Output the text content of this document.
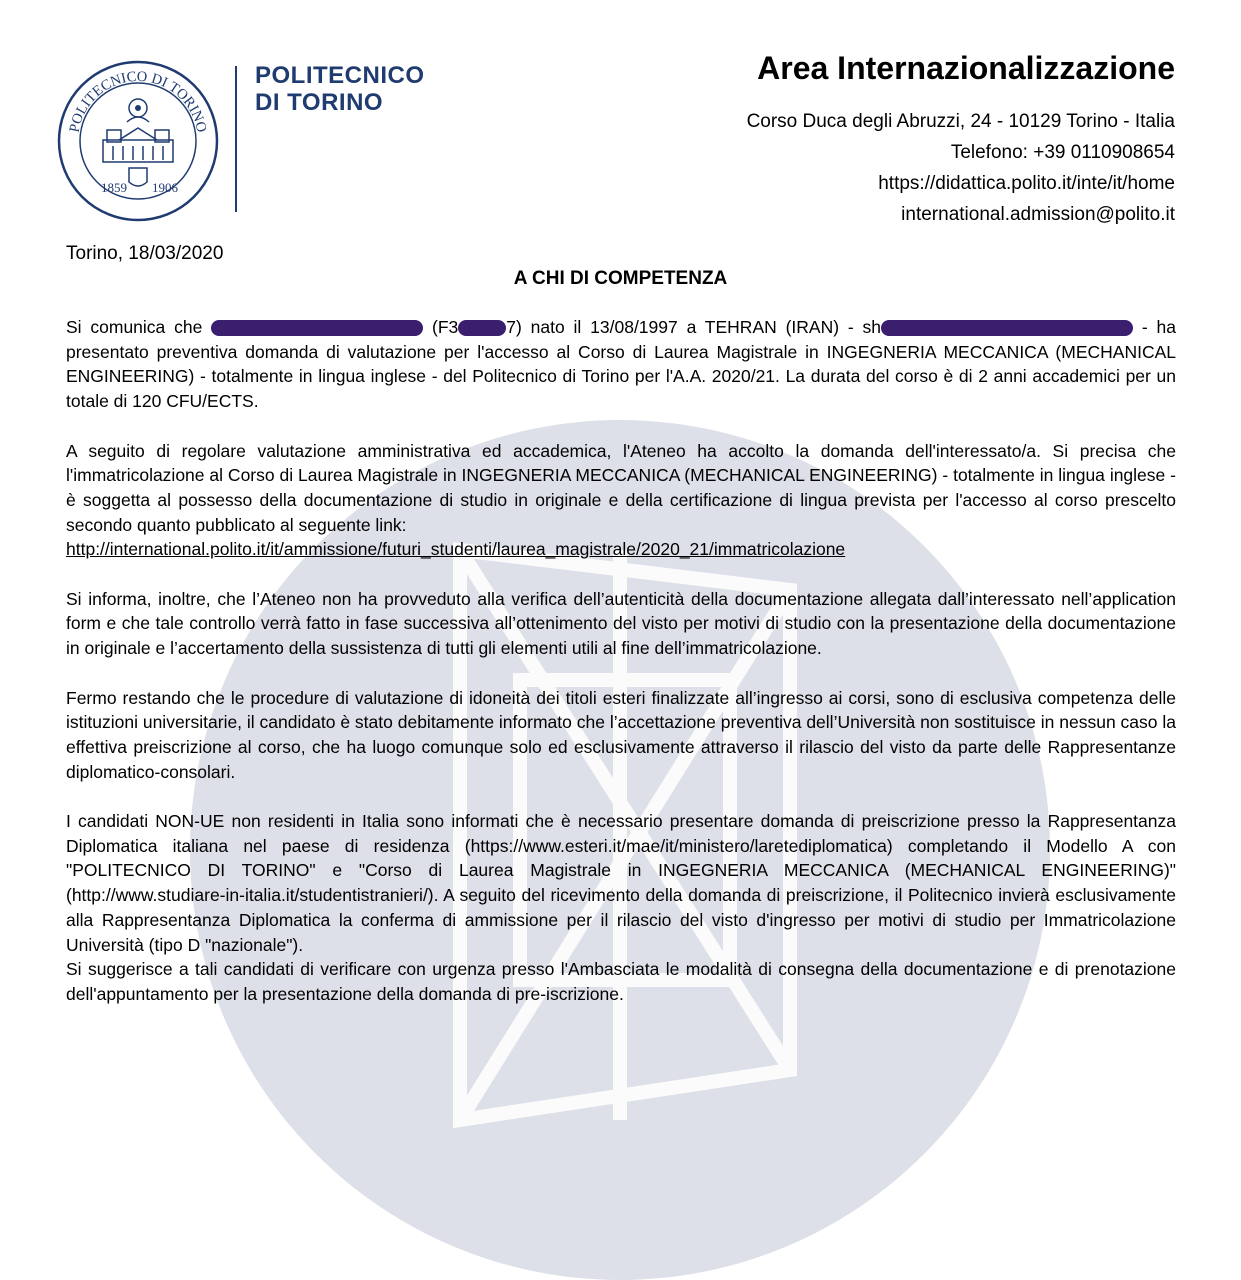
POLITECNICO DI TORINO
1859 1906
POLITECNICO
DI TORINO
Area Internazionalizzazione
Corso Duca degli Abruzzi, 24 - 10129 Torino - Italia
Telefono: +39 0110908654
https://didattica.polito.it/inte/it/home
international.admission@polito.it
Torino, 18/03/2020
A CHI DI COMPETENZA

Si comunica che	(F3	7) nato il 13/08/1997 a TEHRAN (IRAN) - sh	- ha presentato preventiva domanda di valutazione per l'accesso al Corso di Laurea Magistrale in INGEGNERIA MECCANICA (MECHANICAL ENGINEERING) - totalmente in lingua inglese - del Politecnico di Torino per l'A.A. 2020/21. La durata del corso è di 2 anni accademici per un totale di 120 CFU/ECTS.

A seguito di regolare valutazione amministrativa ed accademica, l'Ateneo ha accolto la domanda dell'interessato/a. Si precisa che l'immatricolazione al Corso di Laurea Magistrale in INGEGNERIA MECCANICA (MECHANICAL ENGINEERING) - totalmente in lingua inglese - è soggetta al possesso della documentazione di studio in originale e della certificazione di lingua prevista per l'accesso al corso prescelto secondo quanto pubblicato al seguente link:
http://international.polito.it/it/ammissione/futuri_studenti/laurea_magistrale/2020_21/immatricolazione

Si informa, inoltre, che l’Ateneo non ha provveduto alla verifica dell’autenticità della documentazione allegata dall’interessato nell’application form e che tale controllo verrà fatto in fase successiva all’ottenimento del visto per motivi di studio con la presentazione della documentazione in originale e l’accertamento della sussistenza di tutti gli elementi utili al fine dell’immatricolazione.

Fermo restando che le procedure di valutazione di idoneità dei titoli esteri finalizzate all’ingresso ai corsi, sono di esclusiva competenza delle istituzioni universitarie, il candidato è stato debitamente informato che l’accettazione preventiva dell’Università non sostituisce in nessun caso la effettiva preiscrizione al corso, che ha luogo comunque solo ed esclusivamente attraverso il rilascio del visto da parte delle Rappresentanze diplomatico-consolari.

I candidati NON-UE non residenti in Italia sono informati che è necessario presentare domanda di preiscrizione presso la Rappresentanza Diplomatica italiana nel paese di residenza (https://www.esteri.it/mae/it/ministero/laretediplomatica) completando il Modello A con "POLITECNICO DI TORINO" e "Corso di Laurea Magistrale in INGEGNERIA MECCANICA (MECHANICAL ENGINEERING)" (http://www.studiare-in-italia.it/studentistranieri/). A seguito del ricevimento della domanda di preiscrizione, il Politecnico invierà esclusivamente alla Rappresentanza Diplomatica la conferma di ammissione per il rilascio del visto d'ingresso per motivi di studio per Immatricolazione Università (tipo D "nazionale").

Si suggerisce a tali candidati di verificare con urgenza presso l'Ambasciata le modalità di consegna della documentazione e di prenotazione dell'appuntamento per la presentazione della domanda di pre-iscrizione.
